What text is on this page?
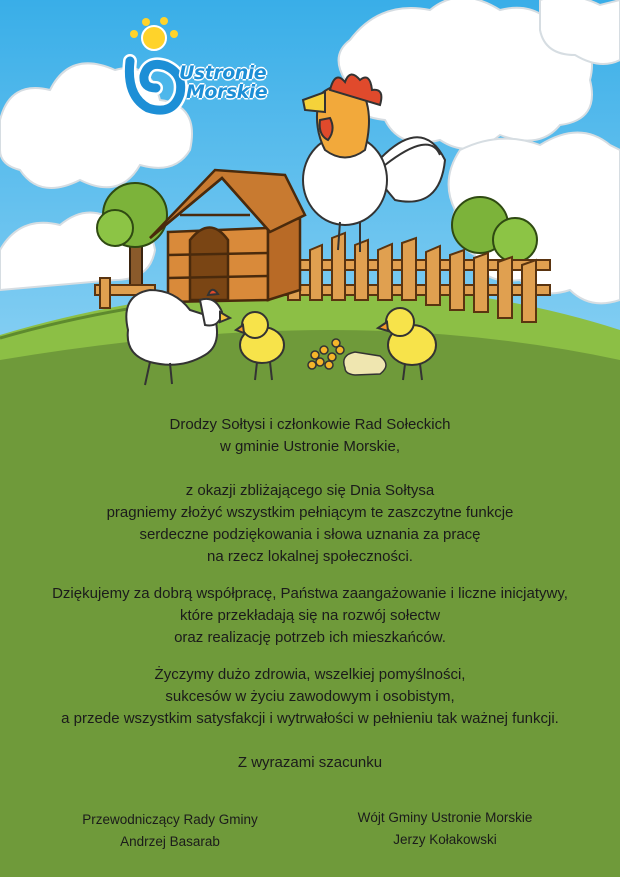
Ustronie
Morskie

Drodzy Sołtysi i członkowie Rad Sołeckich

w gminie Ustronie Morskie,

z okazji zbliżającego się Dnia Sołtysa

pragniemy złożyć wszystkim pełniącym te zaszczytne funkcje

serdeczne podziękowania i słowa uznania za pracę

na rzecz lokalnej społeczności.

Dziękujemy za dobrą współpracę, Państwa zaangażowanie i liczne inicjatywy,

które przekładają się na rozwój sołectw

oraz realizację potrzeb ich mieszkańców.

Życzymy dużo zdrowia, wszelkiej pomyślności,

sukcesów w życiu zawodowym i osobistym,

a przede wszystkim satysfakcji i wytrwałości w pełnieniu tak ważnej funkcji.

Z wyrazami szacunku

Przewodniczący Rady Gminy
Andrzej Basarab
Wójt Gminy Ustronie Morskie
Jerzy Kołakowski
